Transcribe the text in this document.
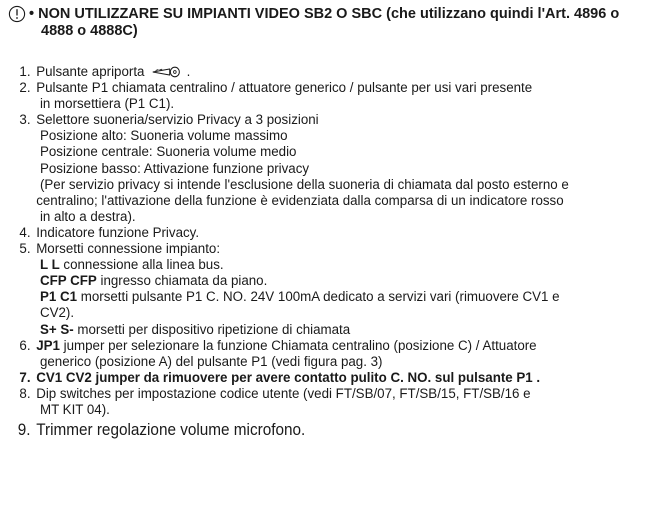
• NON UTILIZZARE SU IMPIANTI VIDEO SB2 O SBC (che utilizzano quindi l'Art. 4896 o
4888 o 4888C)
1. Pulsante apriporta	.
2. Pulsante P1 chiamata centralino / attuatore generico / pulsante per usi vari presente
in morsettiera (P1 C1).
3. Selettore suoneria/servizio Privacy a 3 posizioni
Posizione alto: Suoneria volume massimo
Posizione centrale: Suoneria volume medio
Posizione basso: Attivazione funzione privacy
(Per servizio privacy si intende l'esclusione della suoneria di chiamata dal posto esterno e
centralino; l'attivazione della funzione è evidenziata dalla comparsa di un indicatore rosso
in alto a destra).
4. Indicatore funzione Privacy.
5. Morsetti connessione impianto:
L L connessione alla linea bus.
CFP CFP ingresso chiamata da piano.
P1 C1 morsetti pulsante P1 C. NO. 24V 100mA dedicato a servizi vari (rimuovere CV1 e
CV2).
S+ S- morsetti per dispositivo ripetizione di chiamata
6. JP1 jumper per selezionare la funzione Chiamata centralino (posizione C) / Attuatore
generico (posizione A) del pulsante P1 (vedi figura pag. 3)
7. CV1 CV2 jumper da rimuovere per avere contatto pulito C. NO. sul pulsante P1 .
8. Dip switches per impostazione codice utente (vedi FT/SB/07, FT/SB/15, FT/SB/16 e
MT KIT 04).
9. Trimmer regolazione volume microfono.
